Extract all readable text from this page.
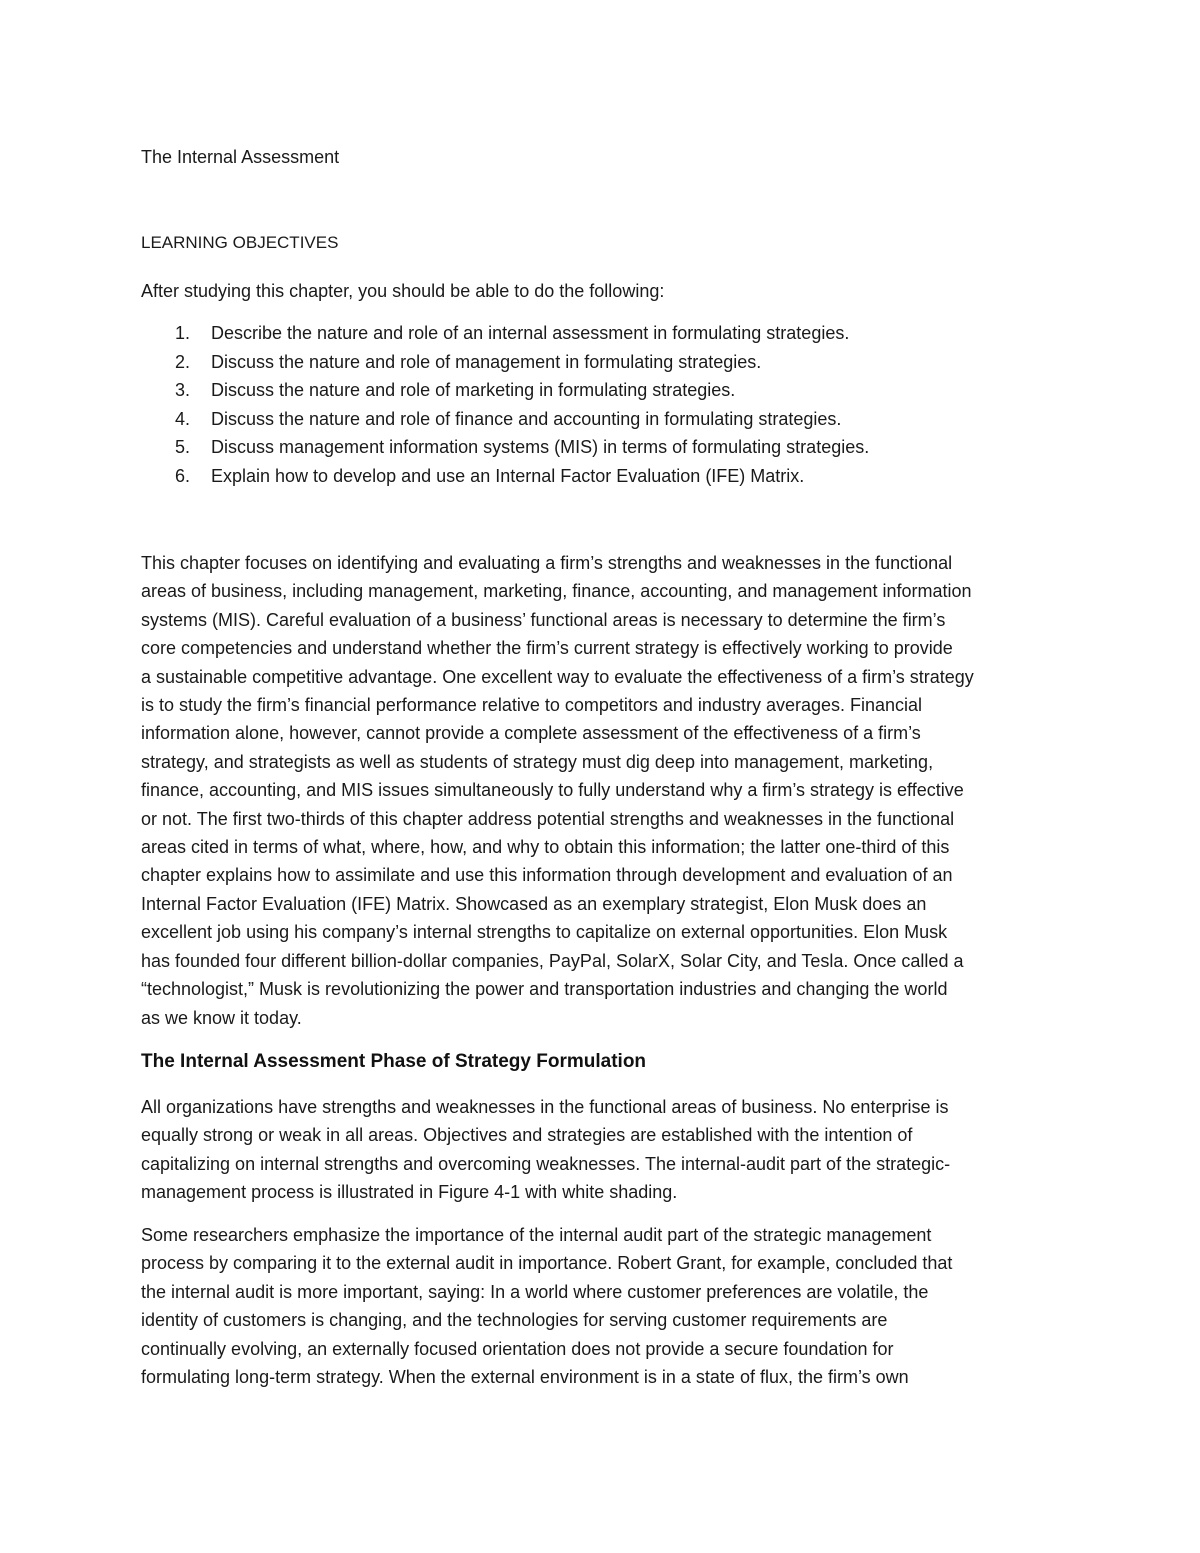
The Internal Assessment
LEARNING OBJECTIVES
After studying this chapter, you should be able to do the following:
1. Describe the nature and role of an internal assessment in formulating strategies.
2. Discuss the nature and role of management in formulating strategies.
3. Discuss the nature and role of marketing in formulating strategies.
4. Discuss the nature and role of finance and accounting in formulating strategies.
5. Discuss management information systems (MIS) in terms of formulating strategies.
6. Explain how to develop and use an Internal Factor Evaluation (IFE) Matrix.
This chapter focuses on identifying and evaluating a firm’s strengths and weaknesses in the functional
areas of business, including management, marketing, finance, accounting, and management information
systems (MIS). Careful evaluation of a business’ functional areas is necessary to determine the firm’s
core competencies and understand whether the firm’s current strategy is effectively working to provide
a sustainable competitive advantage. One excellent way to evaluate the effectiveness of a firm’s strategy
is to study the firm’s financial performance relative to competitors and industry averages. Financial
information alone, however, cannot provide a complete assessment of the effectiveness of a firm’s
strategy, and strategists as well as students of strategy must dig deep into management, marketing,
finance, accounting, and MIS issues simultaneously to fully understand why a firm’s strategy is effective
or not. The first two-thirds of this chapter address potential strengths and weaknesses in the functional
areas cited in terms of what, where, how, and why to obtain this information; the latter one-third of this
chapter explains how to assimilate and use this information through development and evaluation of an
Internal Factor Evaluation (IFE) Matrix. Showcased as an exemplary strategist, Elon Musk does an
excellent job using his company’s internal strengths to capitalize on external opportunities. Elon Musk
has founded four different billion-dollar companies, PayPal, SolarX, Solar City, and Tesla. Once called a
“technologist,” Musk is revolutionizing the power and transportation industries and changing the world
as we know it today.
The Internal Assessment Phase of Strategy Formulation
All organizations have strengths and weaknesses in the functional areas of business. No enterprise is
equally strong or weak in all areas. Objectives and strategies are established with the intention of
capitalizing on internal strengths and overcoming weaknesses. The internal-audit part of the strategic-
management process is illustrated in Figure 4-1 with white shading.
Some researchers emphasize the importance of the internal audit part of the strategic management
process by comparing it to the external audit in importance. Robert Grant, for example, concluded that
the internal audit is more important, saying: In a world where customer preferences are volatile, the
identity of customers is changing, and the technologies for serving customer requirements are
continually evolving, an externally focused orientation does not provide a secure foundation for
formulating long-term strategy. When the external environment is in a state of flux, the firm’s own
